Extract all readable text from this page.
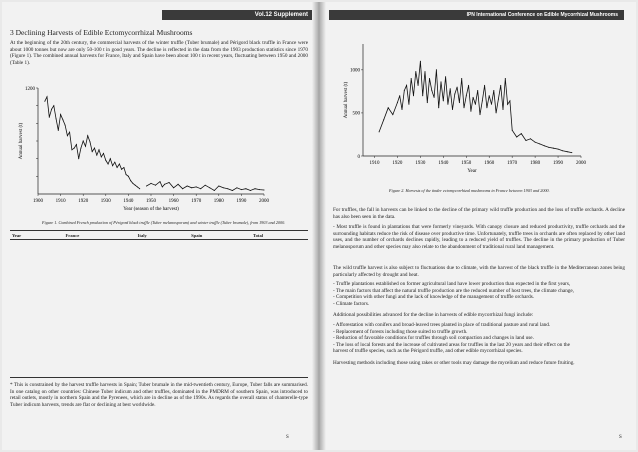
Vol.12 Supplement
3 Declining Harvests of Edible Ectomycorrhizal Mushrooms
At the beginning of the 20th century, the commercial harvests of the winter truffle (Tuber brumale) and Périgord black truffle in France were about 1000 tonnes but now are only 50-100 t in good years. The decline is reflected in the data from the 1903 production statistics since 1970 (Figure 1). The combined annual harvests for France, Italy and Spain have been about 100 t in recent years, fluctuating between 1950 and 2000 (Table 1).
1900	1910	1920	1930	1940	1950	1960	1970	1980	1990	2000
1200
Annual harvest (t)
Year (season of the harvest)
Figure 1. Combined French production of Périgord black truffle (Tuber melanosporum) and winter truffle (Tuber brumale), from 1903 and 2000.
Year	France	Italy	Spain	Total

* This is constrained by the harvest truffle harvests in Spain; Tuber brumale in the mid-twentieth century, Europe, Tuber falls are summarised. In one catalog on other countries: Chinese Tuber indicum and other truffles, dominated in the PMDRM of southern Spain, was introduced to retail outlets, mostly in northern Spain and the Pyrenees, which are in decline as of the 1990s. As regards the overall status of chanterelle-type Tuber indicum harvests, trends are flat or declining at best worldwide.
S
IPN International Conference on Edible Mycorrhizal Mushrooms
1910	1920	1930	1940	1950	1960	1970	1980	1990	2000
0
500
1000
Annual harvest (t)
Year
Figure 2. Harvests of the tinder ectomycorrhizal mushrooms in France between 1903 and 2000.
For truffles, the fall in harvests can be linked to the decline of the primary wild truffle production and the loss of truffle orchards. A decline has also been seen in the data.
- Most truffle is found in plantations that were formerly vineyards. With canopy closure and reduced productivity, truffle orchards and the surrounding habitats reduce the risk of disease over productive time. Unfortunately, truffle trees in orchards are often replaced by other land uses, and the number of orchards declines rapidly, leading to a reduced yield of truffles. The decline in the primary production of Tuber melanosporum and other species may also relate to the abandonment of traditional rural land management.
The wild truffle harvest is also subject to fluctuations due to climate, with the harvest of the black truffle in the Mediterranean zones being particularly affected by drought and heat.
- Truffle plantations established on former agricultural land have lower production than expected in the first years,
- The main factors that affect the natural truffle production are the reduced number of host trees, the climate change,
- Competition with other fungi and the lack of knowledge of the management of truffle orchards.
- Climate factors.
Additional possibilities advanced for the decline in harvests of edible mycorrhizal fungi include:
- Afforestation with conifers and broad-leaved trees planted in place of traditional pasture and rural land.
- Replacement of forests including those suited to truffle growth.
- Reduction of favorable conditions for truffles through soil compaction and changes in land use.
- The loss of local forests and the increase of cultivated areas for truffles in the last 20 years and their effect on the
harvest of truffle species, such as the Périgord truffle, and other edible mycorrhizal species.
Harvesting methods including those using rakes or other tools may damage the mycelium and reduce future fruiting.
S
